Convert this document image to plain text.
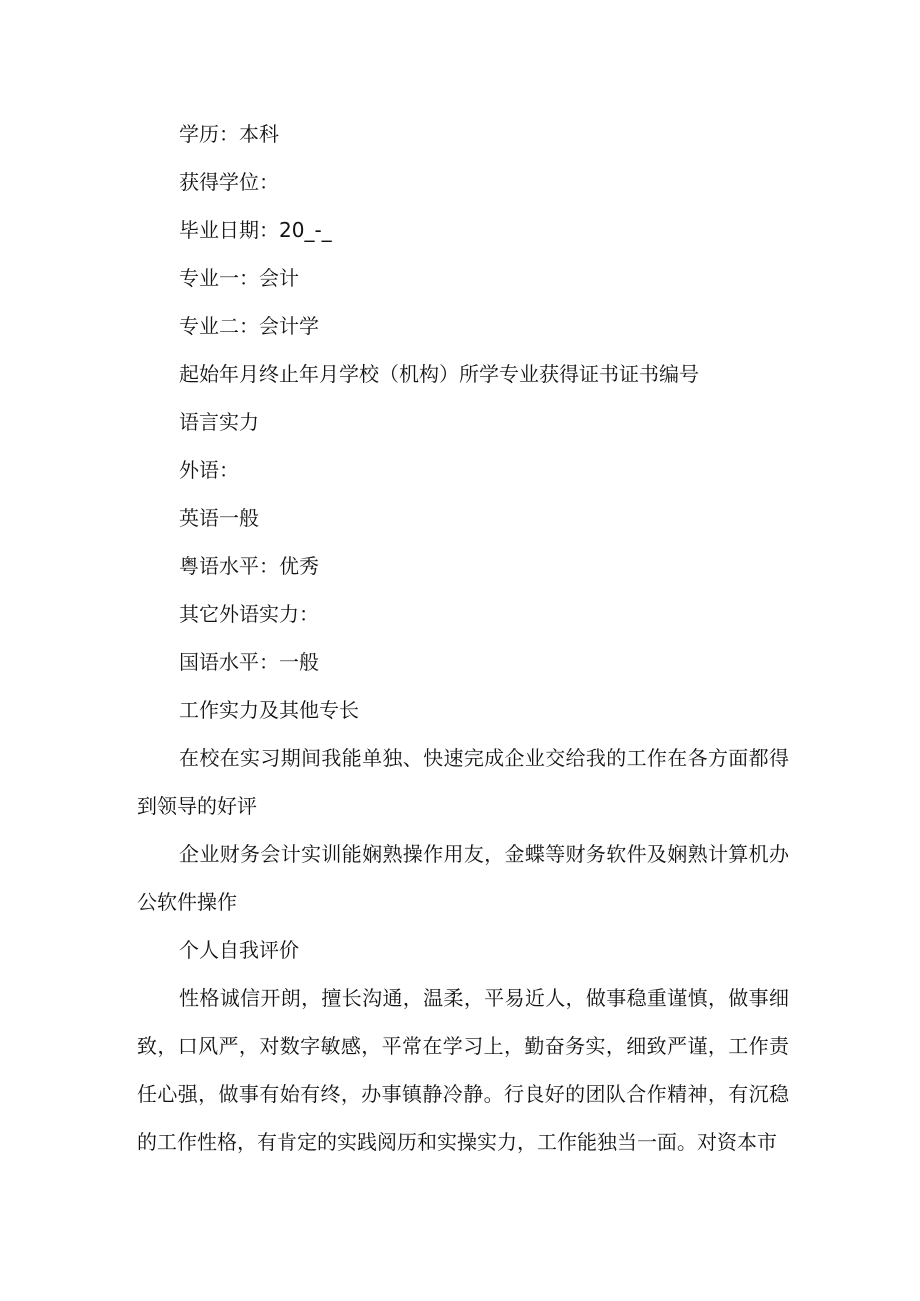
学历：本科
获得学位：
毕业日期：20_-_
专业一：会计
专业二：会计学
起始年月终止年月学校（机构）所学专业获得证书证书编号
语言实力
外语：
英语一般
粤语水平：优秀
其它外语实力：
国语水平：一般
工作实力及其他专长
在校在实习期间我能单独、快速完成企业交给我的工作在各方面都得到领导的好评
企业财务会计实训能娴熟操作用友，金蝶等财务软件及娴熟计算机办公软件操作
个人自我评价
性格诚信开朗，擅长沟通，温柔，平易近人，做事稳重谨慎，做事细致，口风严，对数字敏感，平常在学习上，勤奋务实，细致严谨，工作责任心强，做事有始有终，办事镇静冷静。行良好的团队合作精神，有沉稳的工作性格，有肯定的实践阅历和实操实力，工作能独当一面。对资本市
